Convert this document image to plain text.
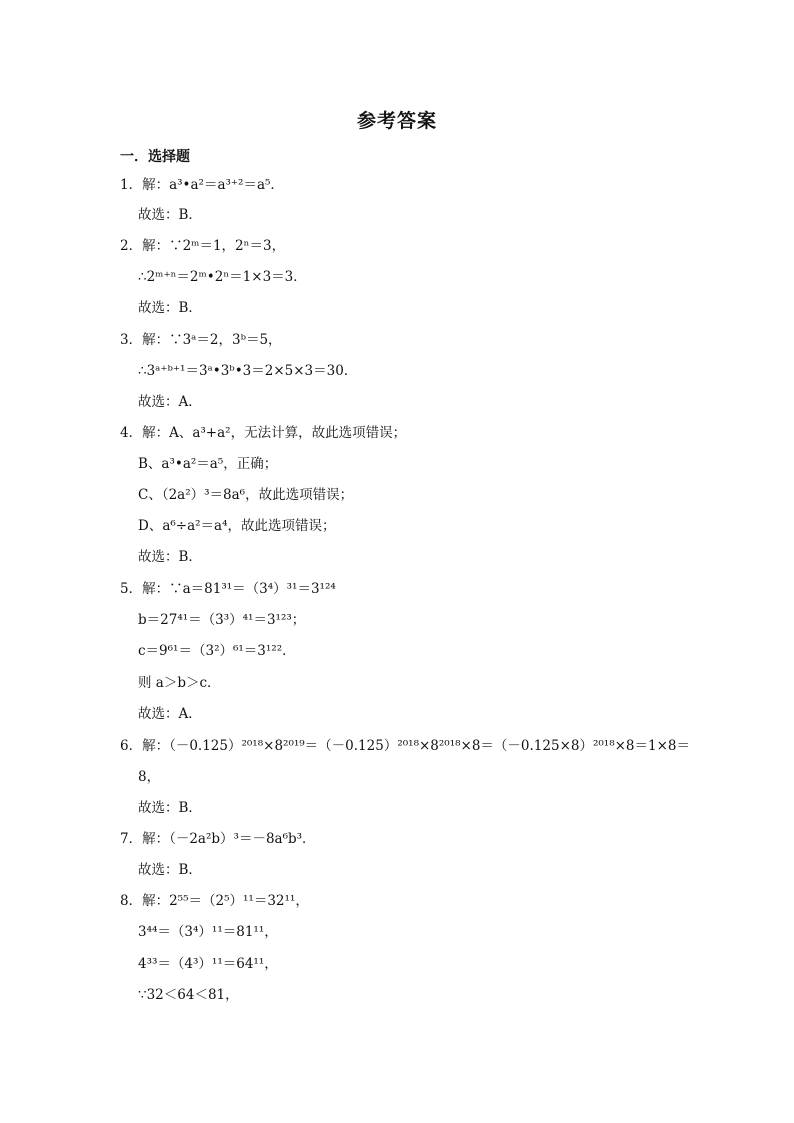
参考答案
一．选择题
1．解：a³•a²＝a³⁺²＝a⁵．
故选：B．
2．解：∵2ᵐ＝1，2ⁿ＝3，
∴2ᵐ⁺ⁿ＝2ᵐ•2ⁿ＝1×3＝3．
故选：B．
3．解：∵3ᵃ＝2，3ᵇ＝5，
∴3ᵃ⁺ᵇ⁺¹＝3ᵃ•3ᵇ•3＝2×5×3＝30．
故选：A．
4．解：A、a³+a²，无法计算，故此选项错误；
B、a³•a²＝a⁵，正确；
C、（2a²）³＝8a⁶，故此选项错误；
D、a⁶÷a²＝a⁴，故此选项错误；
故选：B．
5．解：∵a＝81³¹＝（3⁴）³¹＝3¹²⁴
b＝27⁴¹＝（3³）⁴¹＝3¹²³；
c＝9⁶¹＝（3²）⁶¹＝3¹²²．
则 a＞b＞c．
故选：A．
6．解：（－0.125）²⁰¹⁸×8²⁰¹⁹＝（－0.125）²⁰¹⁸×8²⁰¹⁸×8＝（－0.125×8）²⁰¹⁸×8＝1×8＝
8，
故选：B．
7．解：（－2a²b）³＝－8a⁶b³．
故选：B．
8．解：2⁵⁵＝（2⁵）¹¹＝32¹¹，
3⁴⁴＝（3⁴）¹¹＝81¹¹，
4³³＝（4³）¹¹＝64¹¹，
∵32＜64＜81，
